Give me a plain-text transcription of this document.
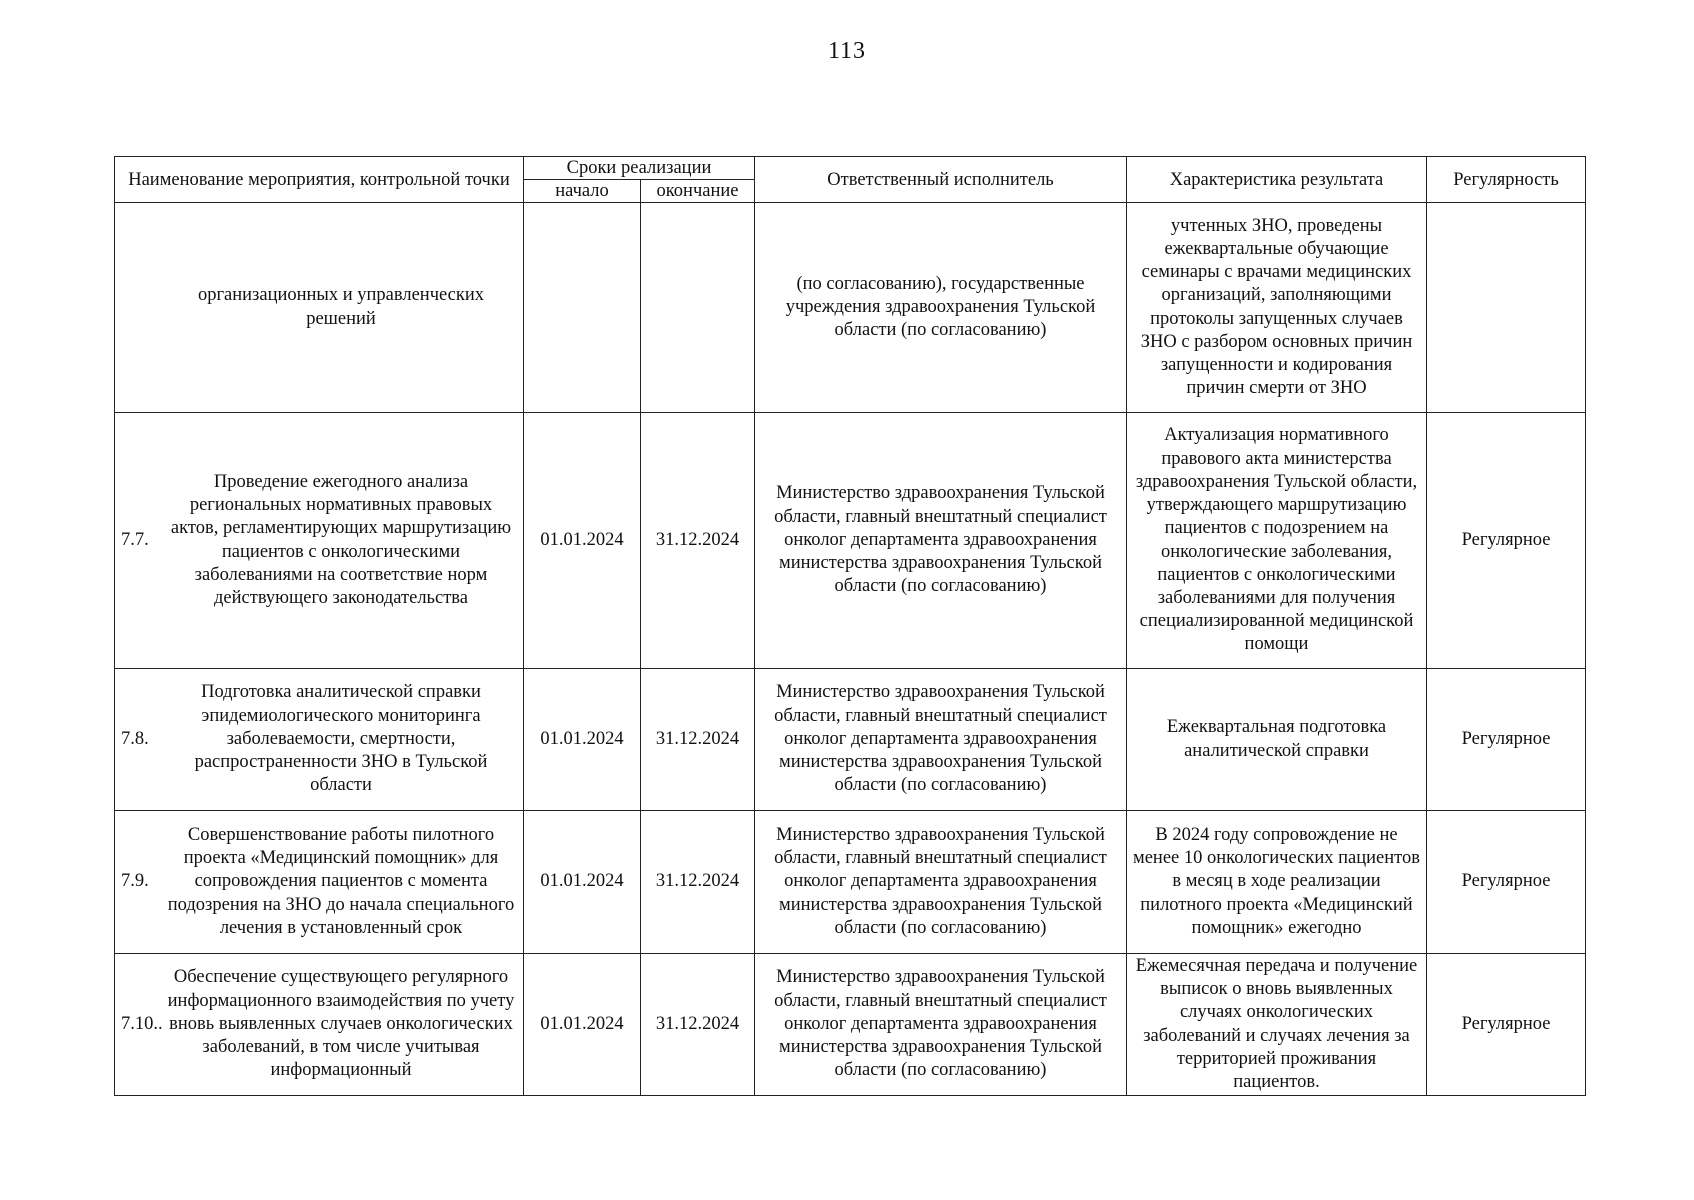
113
Наименование мероприятия, контрольной точки	Сроки реализации		Ответственный исполнитель	Характеристика результата	Регулярность
	начало	окончание			

организационных и управленческих решений			(по согласованию), государственные учреждения здравоохранения Тульской области (по согласованию)	учтенных ЗНО, проведены ежеквартальные обучающие семинары с врачами медицинских организаций, заполняющими протоколы запущенных случаев ЗНО с разбором основных причин запущенности и кодирования причин смерти от ЗНО	

7.7.
Проведение ежегодного анализа региональных нормативных правовых актов, регламентирующих маршрутизацию пациентов с онкологическими заболеваниями на соответствие норм действующего законодательства	01.01.2024	31.12.2024	Министерство здравоохранения Тульской области, главный внештатный специалист онколог департамента здравоохранения министерства здравоохранения Тульской области (по согласованию)	Актуализация нормативного правового акта министерства здравоохранения Тульской области, утверждающего маршрутизацию пациентов с подозрением на онкологические заболевания, пациентов с онкологическими заболеваниями для получения специализированной медицинской помощи	Регулярное

7.8.
Подготовка аналитической справки эпидемиологического мониторинга заболеваемости, смертности, распространенности ЗНО в Тульской области	01.01.2024	31.12.2024	Министерство здравоохранения Тульской области, главный внештатный специалист онколог департамента здравоохранения министерства здравоохранения Тульской области (по согласованию)	Ежеквартальная подготовка аналитической справки	Регулярное

7.9.
Совершенствование работы пилотного проекта «Медицинский помощник» для сопровождения пациентов с момента подозрения на ЗНО до начала специального лечения в установленный срок	01.01.2024	31.12.2024	Министерство здравоохранения Тульской области, главный внештатный специалист онколог департамента здравоохранения министерства здравоохранения Тульской области (по согласованию)	В 2024 году сопровождение не менее 10 онкологических пациентов в месяц в ходе реализации пилотного проекта «Медицинский помощник» ежегодно	Регулярное

7.10..
Обеспечение существующего регулярного информационного взаимодействия по учету вновь выявленных случаев онкологических заболеваний, в том числе учитывая информационный	01.01.2024	31.12.2024	Министерство здравоохранения Тульской области, главный внештатный специалист онколог департамента здравоохранения министерства здравоохранения Тульской области (по согласованию)	Ежемесячная передача и получение выписок о вновь выявленных случаях онкологических заболеваний и случаях лечения за территорией проживания пациентов.	Регулярное
